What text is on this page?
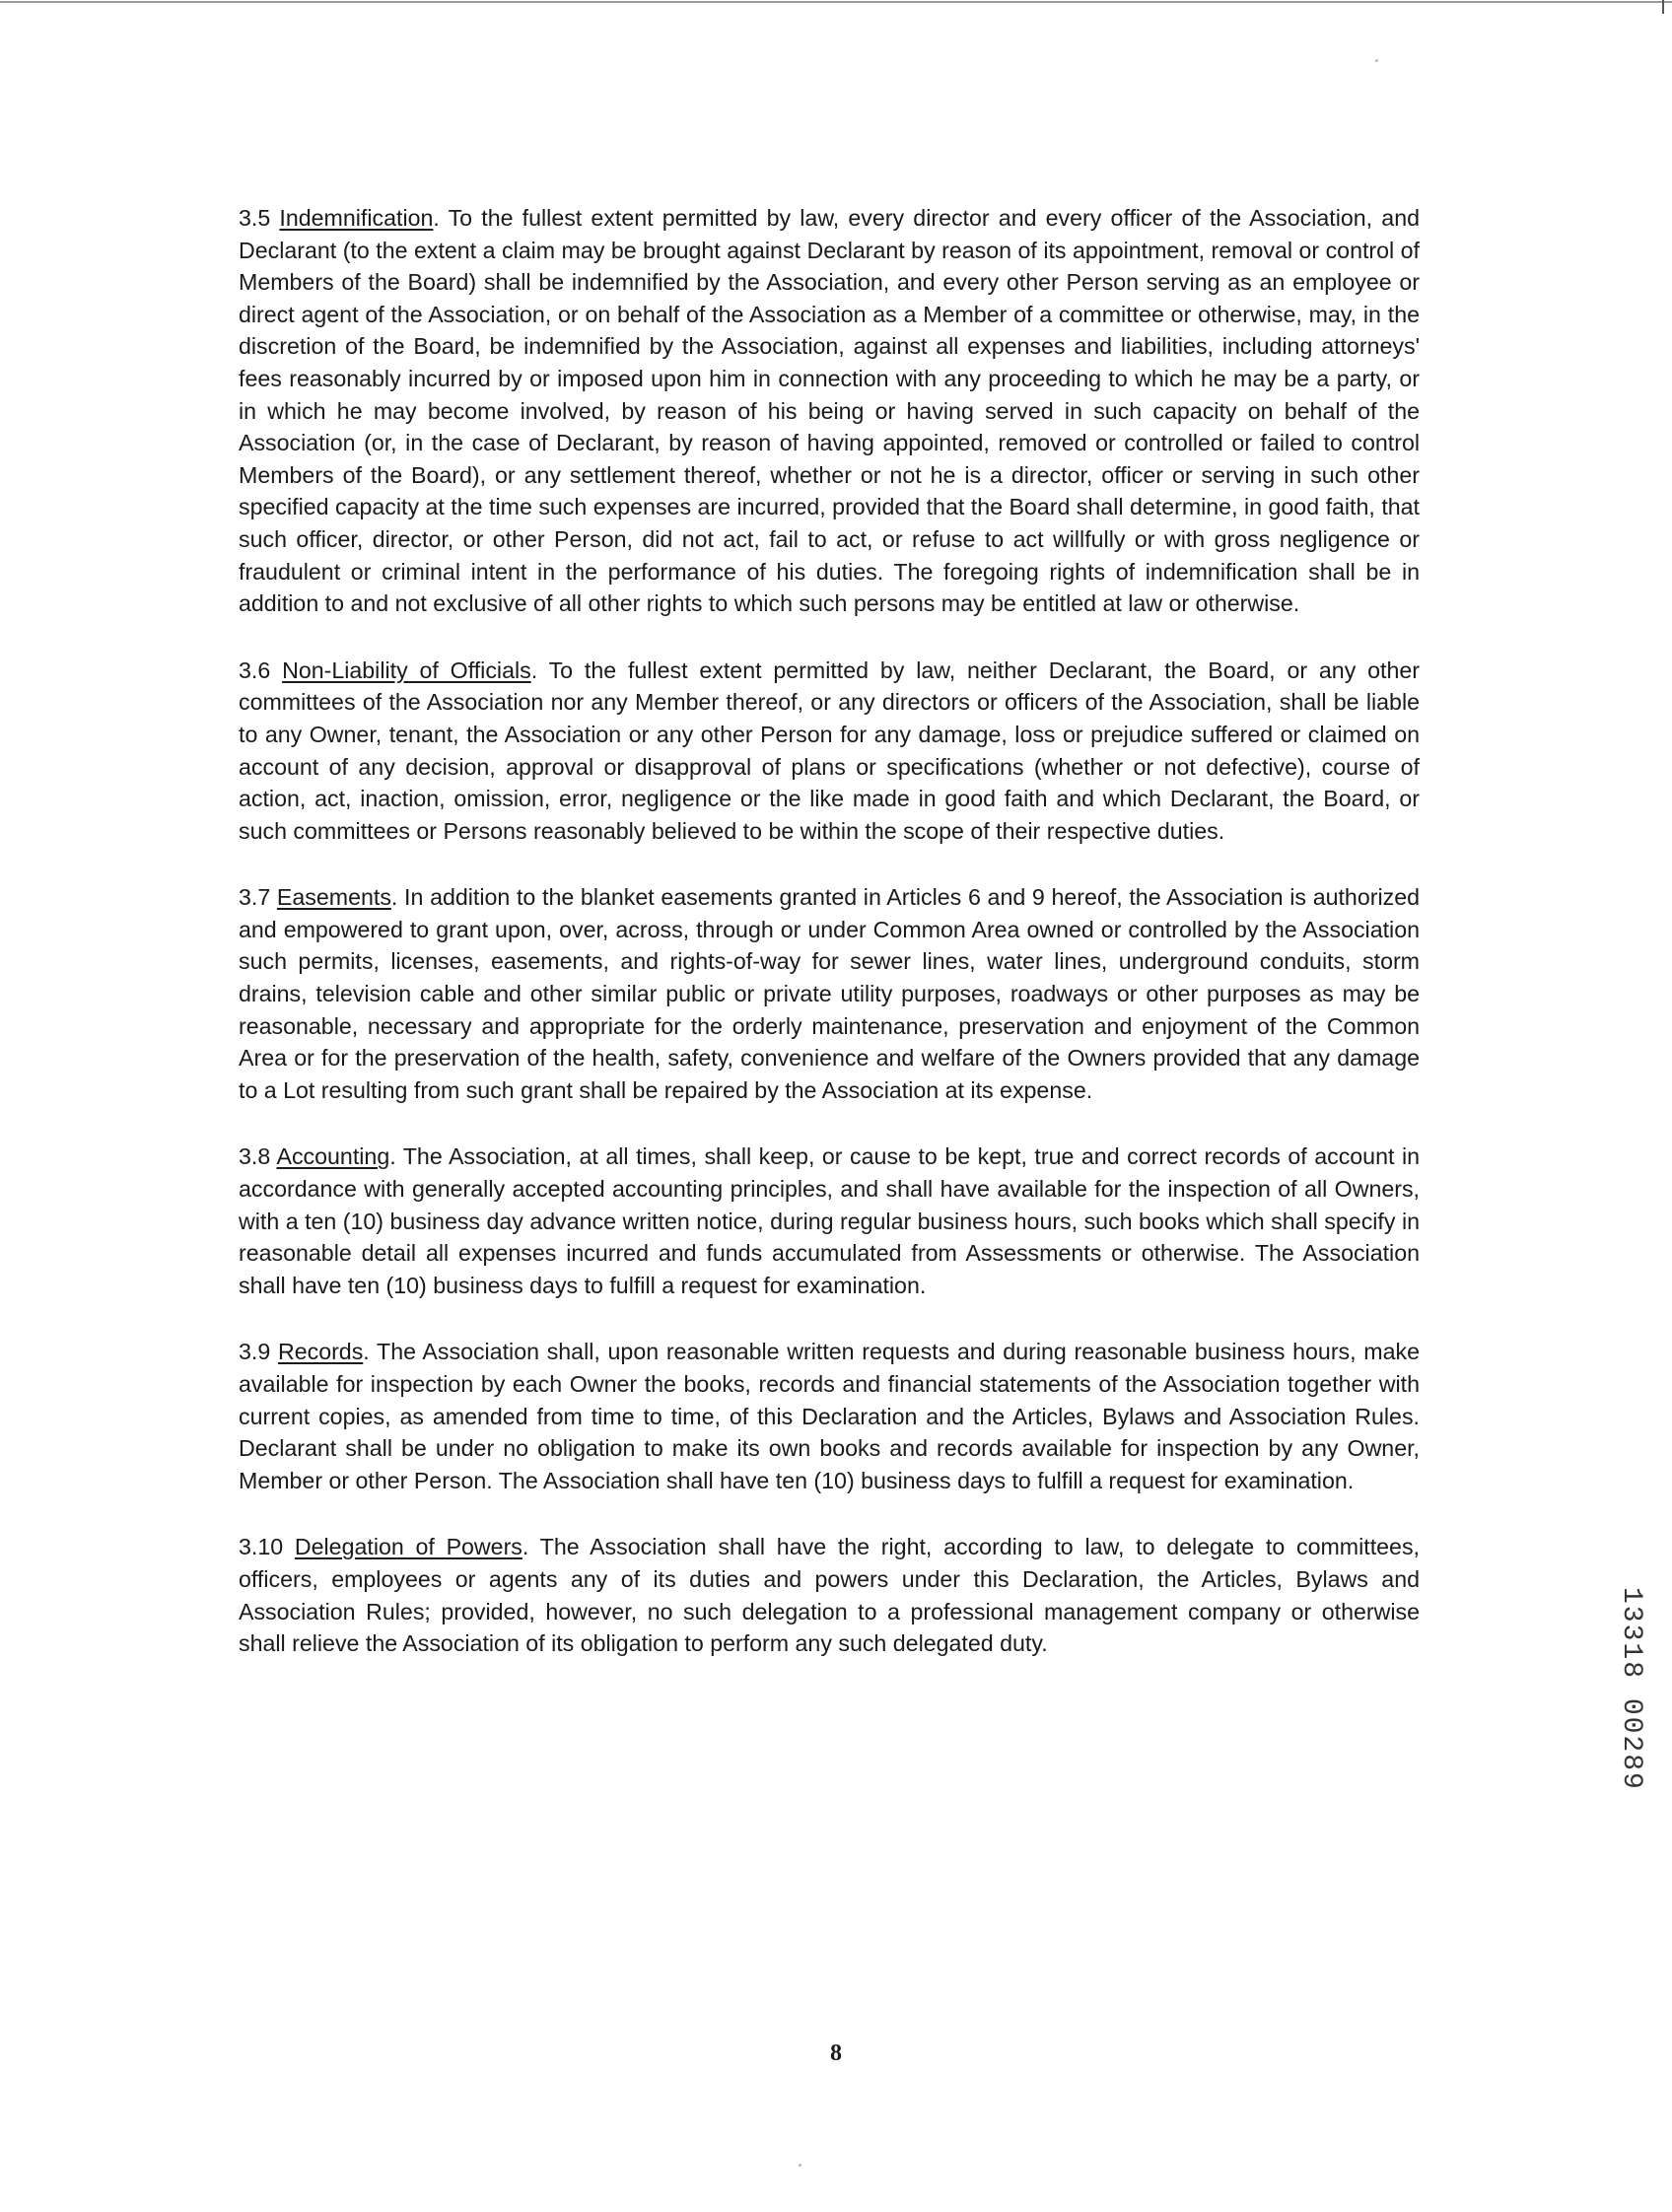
3.5 Indemnification. To the fullest extent permitted by law, every director and every officer of the Association, and Declarant (to the extent a claim may be brought against Declarant by reason of its appointment, removal or control of Members of the Board) shall be indemnified by the Association, and every other Person serving as an employee or direct agent of the Association, or on behalf of the Association as a Member of a committee or otherwise, may, in the discretion of the Board, be indemnified by the Association, against all expenses and liabilities, including attorneys' fees reasonably incurred by or imposed upon him in connection with any proceeding to which he may be a party, or in which he may become involved, by reason of his being or having served in such capacity on behalf of the Association (or, in the case of Declarant, by reason of having appointed, removed or controlled or failed to control Members of the Board), or any settlement thereof, whether or not he is a director, officer or serving in such other specified capacity at the time such expenses are incurred, provided that the Board shall determine, in good faith, that such officer, director, or other Person, did not act, fail to act, or refuse to act willfully or with gross negligence or fraudulent or criminal intent in the performance of his duties. The foregoing rights of indemnification shall be in addition to and not exclusive of all other rights to which such persons may be entitled at law or otherwise.

3.6 Non-Liability of Officials. To the fullest extent permitted by law, neither Declarant, the Board, or any other committees of the Association nor any Member thereof, or any directors or officers of the Association, shall be liable to any Owner, tenant, the Association or any other Person for any damage, loss or prejudice suffered or claimed on account of any decision, approval or disapproval of plans or specifications (whether or not defective), course of action, act, inaction, omission, error, negligence or the like made in good faith and which Declarant, the Board, or such committees or Persons reasonably believed to be within the scope of their respective duties.

3.7 Easements. In addition to the blanket easements granted in Articles 6 and 9 hereof, the Association is authorized and empowered to grant upon, over, across, through or under Common Area owned or controlled by the Association such permits, licenses, easements, and rights-of-way for sewer lines, water lines, underground conduits, storm drains, television cable and other similar public or private utility purposes, roadways or other purposes as may be reasonable, necessary and appropriate for the orderly maintenance, preservation and enjoyment of the Common Area or for the preservation of the health, safety, convenience and welfare of the Owners provided that any damage to a Lot resulting from such grant shall be repaired by the Association at its expense.

3.8 Accounting. The Association, at all times, shall keep, or cause to be kept, true and correct records of account in accordance with generally accepted accounting principles, and shall have available for the inspection of all Owners, with a ten (10) business day advance written notice, during regular business hours, such books which shall specify in reasonable detail all expenses incurred and funds accumulated from Assessments or otherwise. The Association shall have ten (10) business days to fulfill a request for examination.

3.9 Records. The Association shall, upon reasonable written requests and during reasonable business hours, make available for inspection by each Owner the books, records and financial statements of the Association together with current copies, as amended from time to time, of this Declaration and the Articles, Bylaws and Association Rules. Declarant shall be under no obligation to make its own books and records available for inspection by any Owner, Member or other Person. The Association shall have ten (10) business days to fulfill a request for examination.

3.10 Delegation of Powers. The Association shall have the right, according to law, to delegate to committees, officers, employees or agents any of its duties and powers under this Declaration, the Articles, Bylaws and Association Rules; provided, however, no such delegation to a professional management company or otherwise shall relieve the Association of its obligation to perform any such delegated duty.

8
13318 00289
